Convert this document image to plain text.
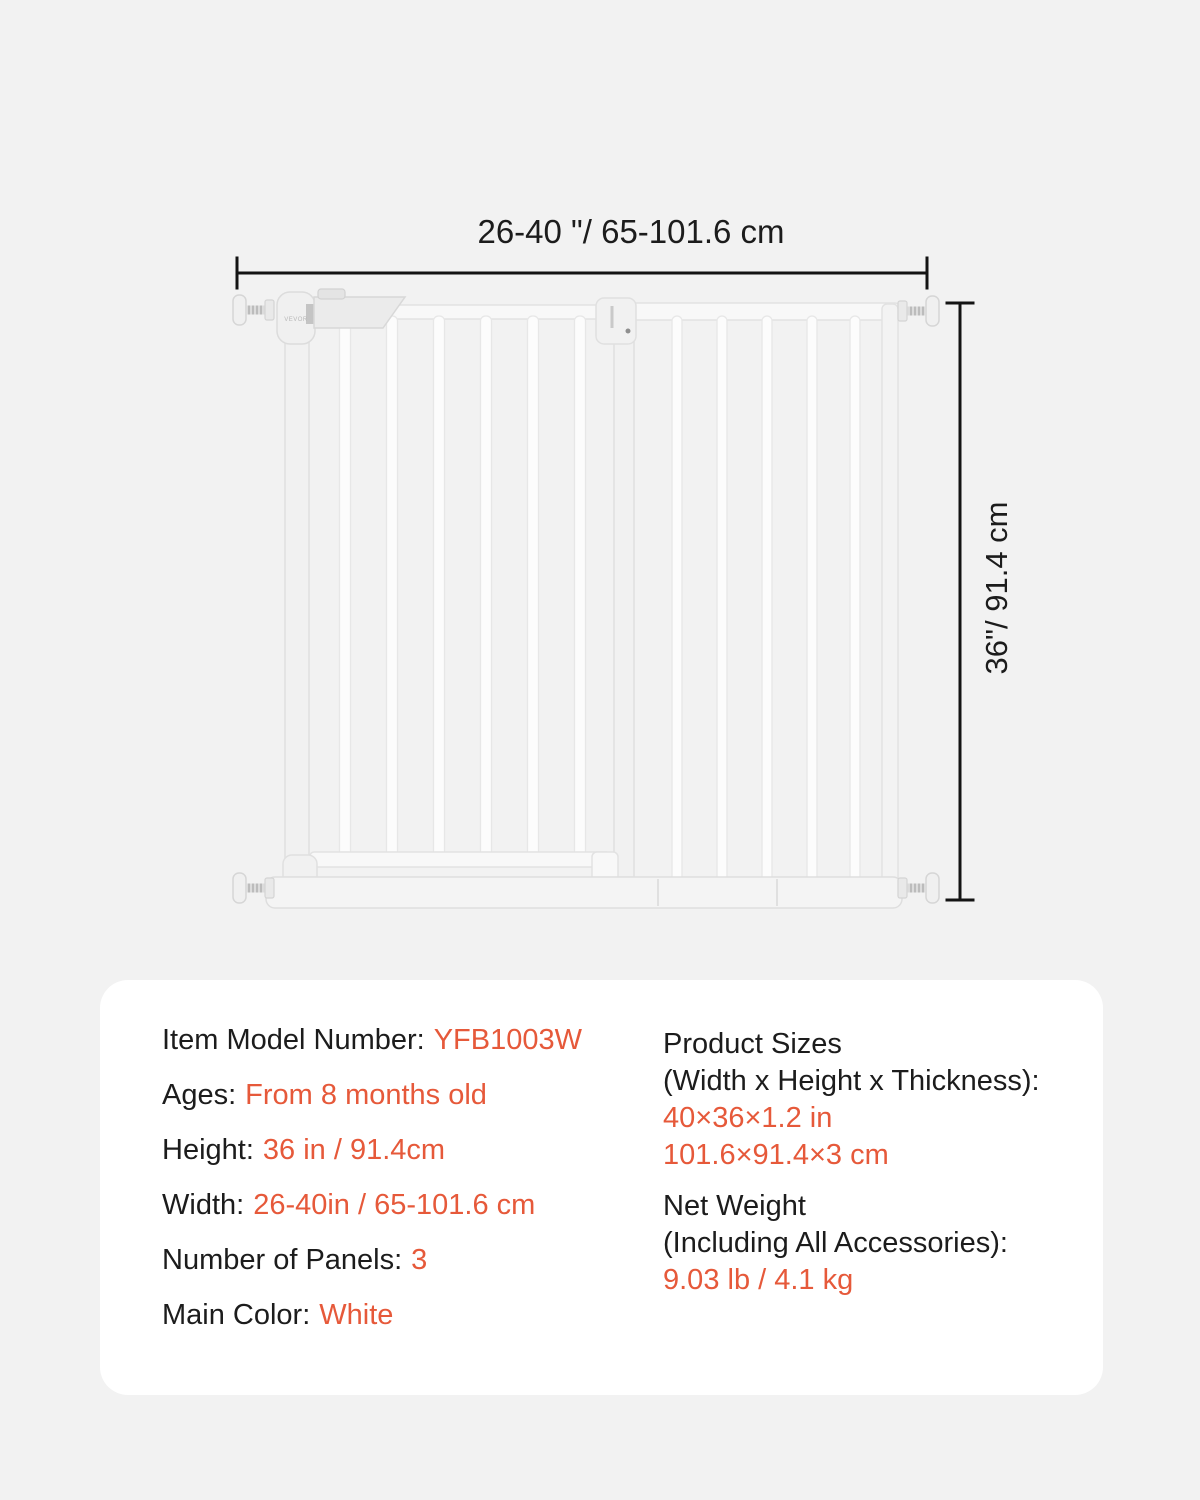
VEVOR
26-40 "/ 65-101.6 cm
36"/ 91.4 cm

Item Model Number: YFB1003W

Ages: From 8 months old

Height: 36 in / 91.4cm

Width: 26-40in / 65-101.6 cm

Number of Panels: 3

Main Color: White

Product Sizes

(Width x Height x Thickness):

40×36×1.2 in

101.6×91.4×3 cm

Net Weight

(Including All Accessories):

9.03 lb / 4.1 kg
